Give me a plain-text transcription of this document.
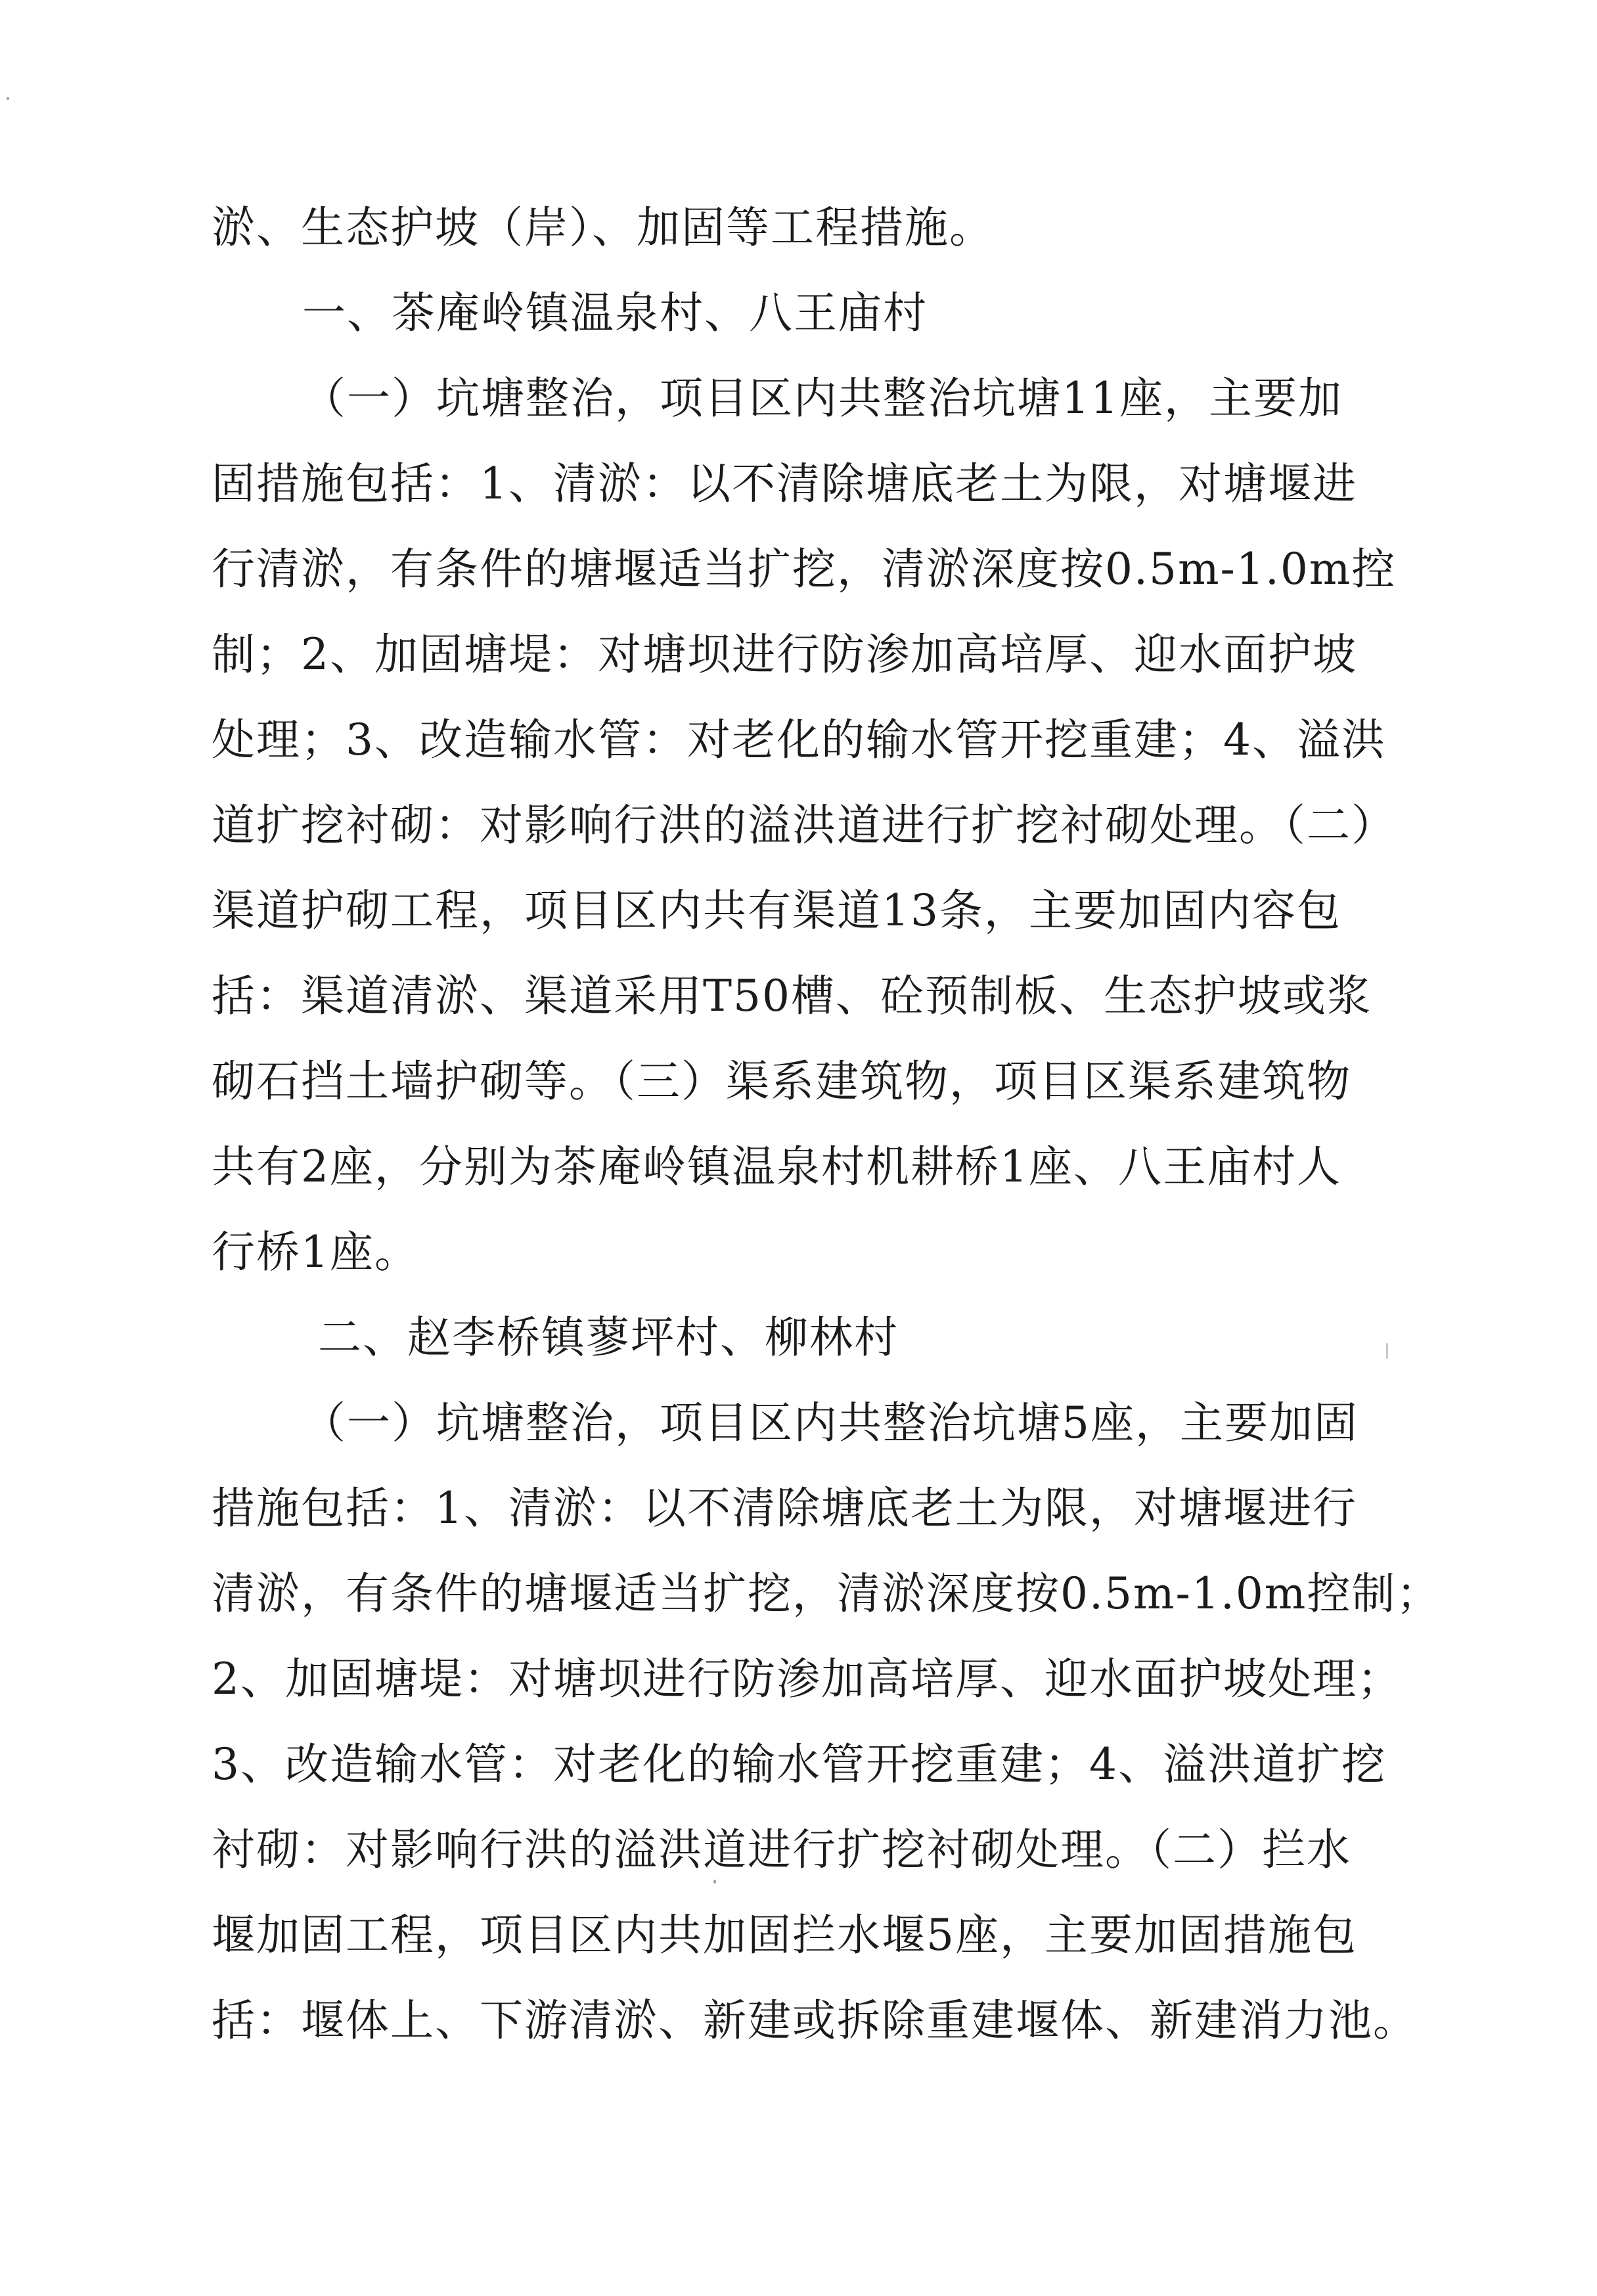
淤、生态护坡（岸）、加固等工程措施。
一、茶庵岭镇温泉村、八王庙村
（一）坑塘整治，项目区内共整治坑塘11座，主要加
固措施包括：1、清淤：以不清除塘底老土为限，对塘堰进
行清淤，有条件的塘堰适当扩挖，清淤深度按0.5m-1.0m控
制；2、加固塘堤：对塘坝进行防渗加高培厚、迎水面护坡
处理；3、改造输水管：对老化的输水管开挖重建；4、溢洪
道扩挖衬砌：对影响行洪的溢洪道进行扩挖衬砌处理。（二）
渠道护砌工程，项目区内共有渠道13条，主要加固内容包
括：渠道清淤、渠道采用T50槽、砼预制板、生态护坡或浆
砌石挡土墙护砌等。（三）渠系建筑物，项目区渠系建筑物
共有2座，分别为茶庵岭镇温泉村机耕桥1座、八王庙村人
行桥1座。
二、赵李桥镇蓼坪村、柳林村
（一）坑塘整治，项目区内共整治坑塘5座，主要加固
措施包括：1、清淤：以不清除塘底老土为限，对塘堰进行
清淤，有条件的塘堰适当扩挖，清淤深度按0.5m-1.0m控制；
2、加固塘堤：对塘坝进行防渗加高培厚、迎水面护坡处理；
3、改造输水管：对老化的输水管开挖重建；4、溢洪道扩挖
衬砌：对影响行洪的溢洪道进行扩挖衬砌处理。（二）拦水
堰加固工程，项目区内共加固拦水堰5座，主要加固措施包
括：堰体上、下游清淤、新建或拆除重建堰体、新建消力池。
